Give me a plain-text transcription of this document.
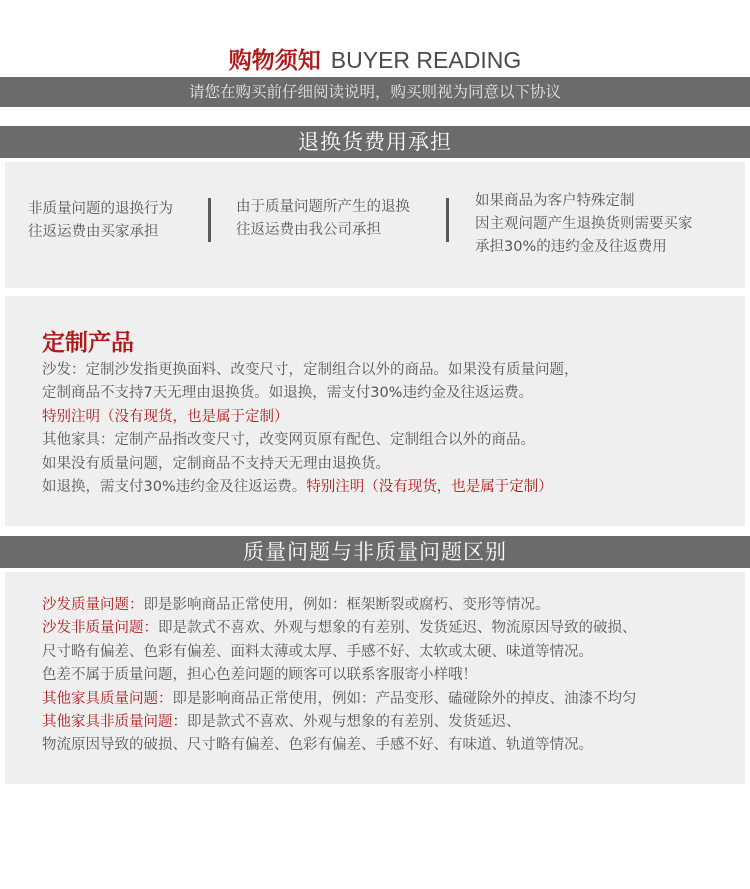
购物须知 BUYER READING
请您在购买前仔细阅读说明，购买则视为同意以下协议
退换货费用承担
非质量问题的退换行为
往返运费由买家承担
由于质量问题所产生的退换
往返运费由我公司承担
如果商品为客户特殊定制
因主观问题产生退换货则需要买家
承担30%的违约金及往返费用
定制产品
沙发：定制沙发指更换面料、改变尺寸，定制组合以外的商品。如果没有质量问题，
定制商品不支持7天无理由退换货。如退换，需支付30%违约金及往返运费。
特别注明（没有现货，也是属于定制）
其他家具：定制产品指改变尺寸，改变网页原有配色、定制组合以外的商品。
如果没有质量问题，定制商品不支持天无理由退换货。
如退换，需支付30%违约金及往返运费。特别注明（没有现货，也是属于定制）
质量问题与非质量问题区别
沙发质量问题：即是影响商品正常使用，例如：框架断裂或腐朽、变形等情况。
沙发非质量问题：即是款式不喜欢、外观与想象的有差别、发货延迟、物流原因导致的破损、
尺寸略有偏差、色彩有偏差、面料太薄或太厚、手感不好、太软或太硬、味道等情况。
色差不属于质量问题，担心色差问题的顾客可以联系客服寄小样哦！
其他家具质量问题：即是影响商品正常使用，例如：产品变形、磕碰除外的掉皮、油漆不均匀
其他家具非质量问题：即是款式不喜欢、外观与想象的有差别、发货延迟、
物流原因导致的破损、尺寸略有偏差、色彩有偏差、手感不好、有味道、轨道等情况。
